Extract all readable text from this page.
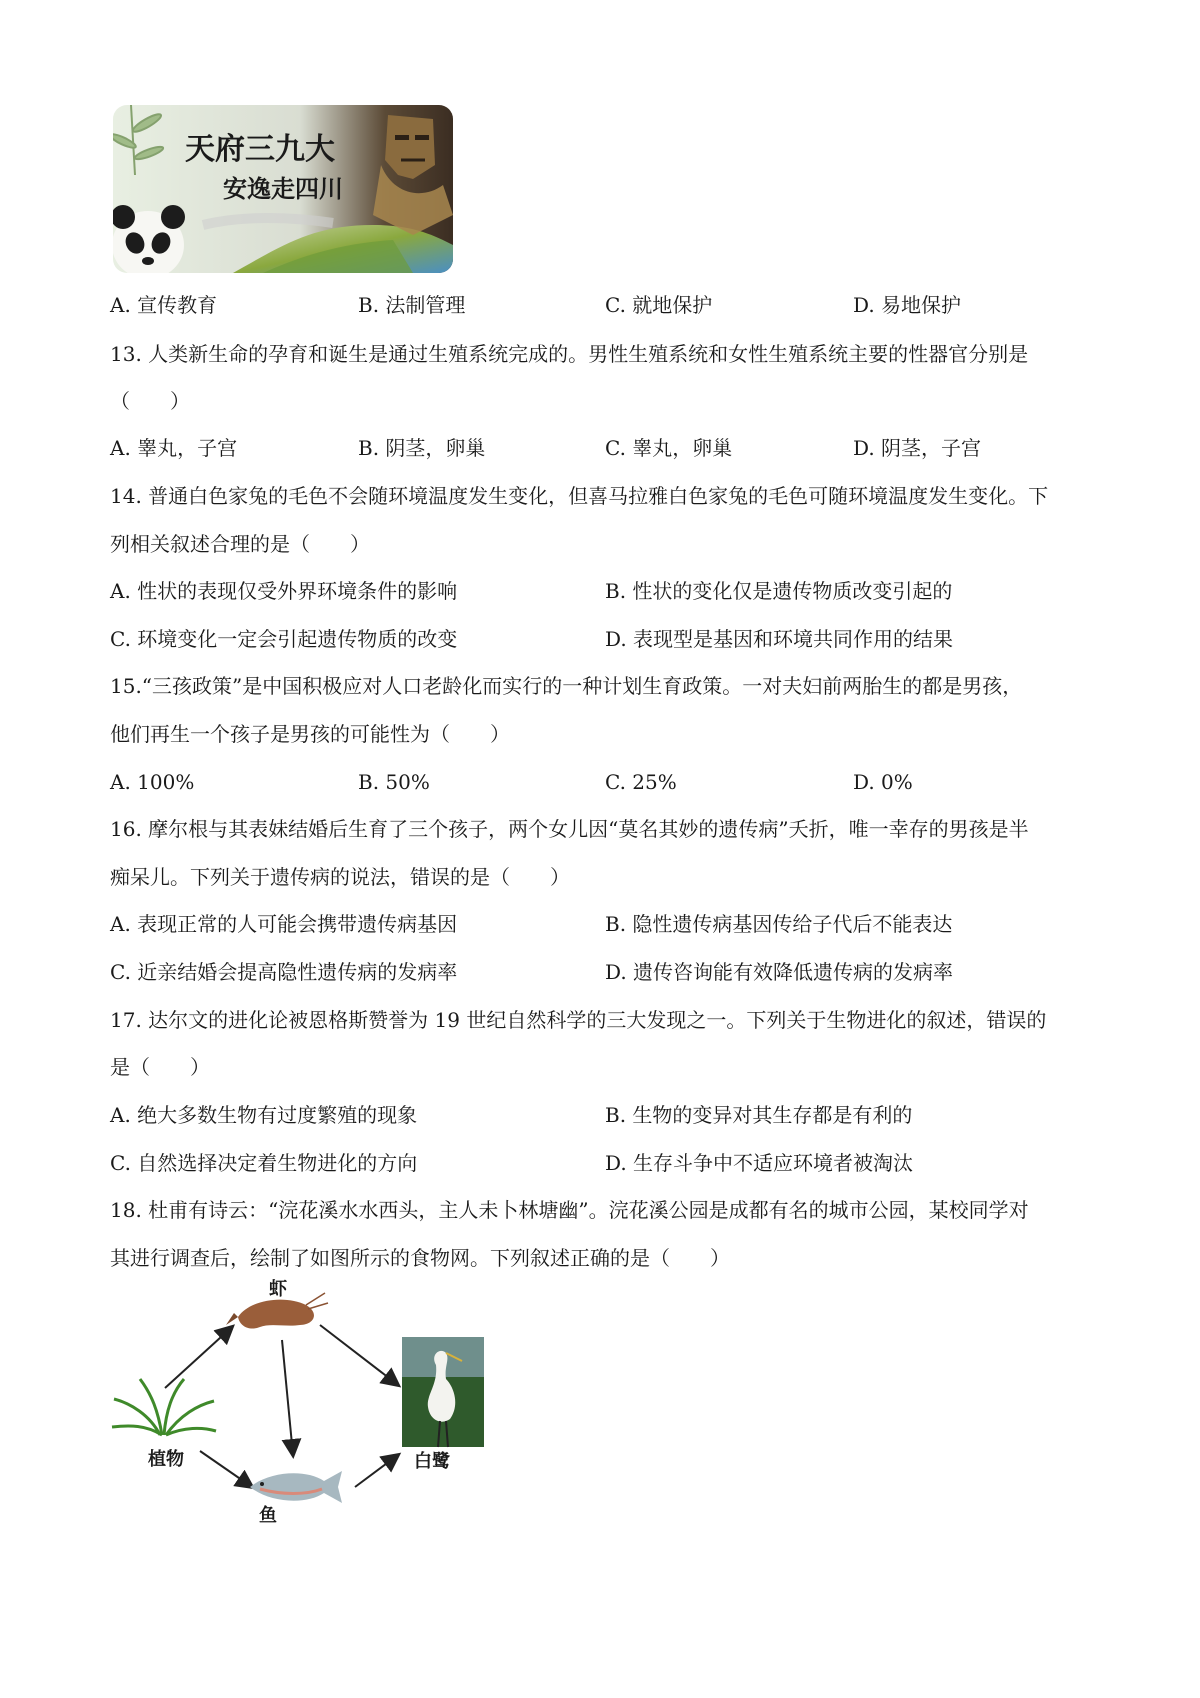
天府三九大
安逸走四川
A. 宣传教育	B. 法制管理	C. 就地保护	D. 易地保护
13. 人类新生命的孕育和诞生是通过生殖系统完成的。男性生殖系统和女性生殖系统主要的性器官分别是
（　　）
A. 睾丸，子宫	B. 阴茎，卵巢	C. 睾丸，卵巢	D. 阴茎，子宫
14. 普通白色家兔的毛色不会随环境温度发生变化，但喜马拉雅白色家兔的毛色可随环境温度发生变化。下
列相关叙述合理的是（　　）
A. 性状的表现仅受外界环境条件的影响	B. 性状的变化仅是遗传物质改变引起的
C. 环境变化一定会引起遗传物质的改变	D. 表现型是基因和环境共同作用的结果
15.“三孩政策”是中国积极应对人口老龄化而实行的一种计划生育政策。一对夫妇前两胎生的都是男孩，
他们再生一个孩子是男孩的可能性为（　　）
A. 100%	B. 50%	C. 25%	D. 0%
16. 摩尔根与其表妹结婚后生育了三个孩子，两个女儿因“莫名其妙的遗传病”夭折，唯一幸存的男孩是半
痴呆儿。下列关于遗传病的说法，错误的是（　　）
A. 表现正常的人可能会携带遗传病基因	B. 隐性遗传病基因传给子代后不能表达
C. 近亲结婚会提高隐性遗传病的发病率	D. 遗传咨询能有效降低遗传病的发病率
17. 达尔文的进化论被恩格斯赞誉为 19 世纪自然科学的三大发现之一。下列关于生物进化的叙述，错误的
是（　　）
A. 绝大多数生物有过度繁殖的现象	B. 生物的变异对其生存都是有利的
C. 自然选择决定着生物进化的方向	D. 生存斗争中不适应环境者被淘汰
18. 杜甫有诗云：“浣花溪水水西头，主人未卜林塘幽”。浣花溪公园是成都有名的城市公园，某校同学对
其进行调查后，绘制了如图所示的食物网。下列叙述正确的是（　　）
虾
白鹭
植物
鱼
